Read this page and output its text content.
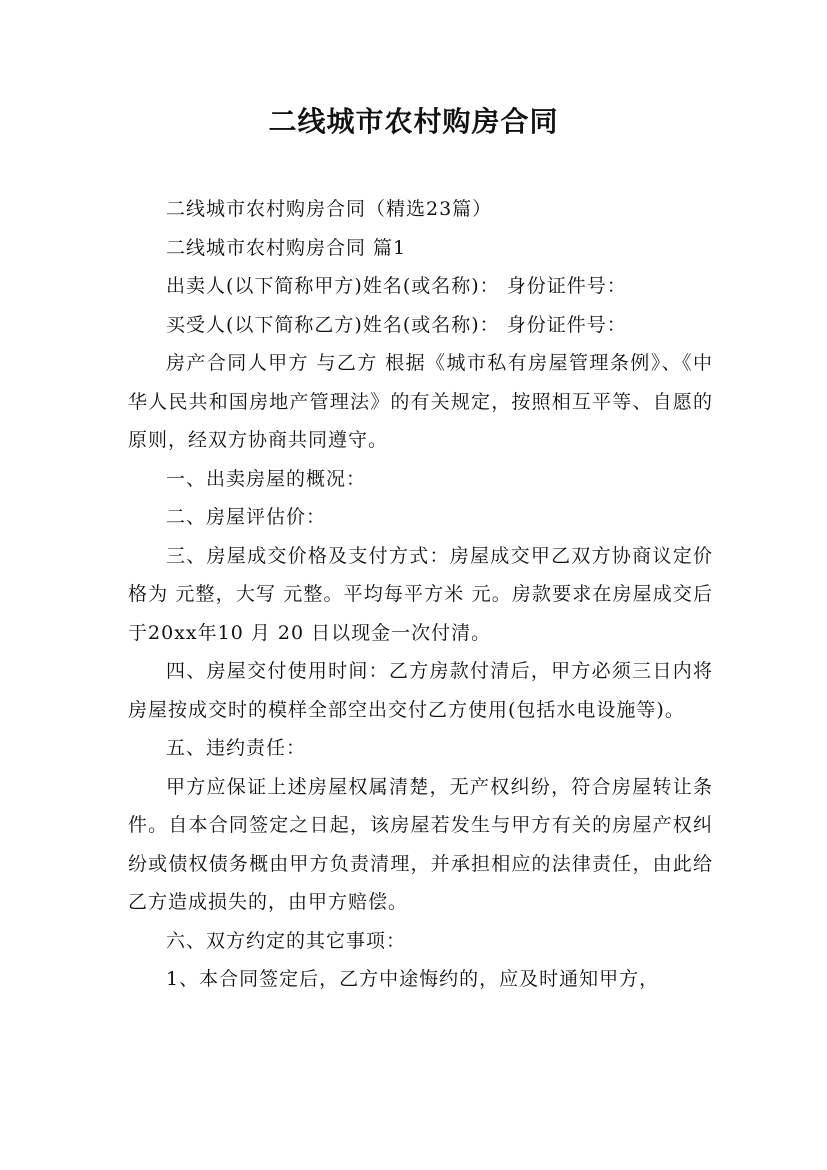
二线城市农村购房合同

二线城市农村购房合同（精选23篇）

二线城市农村购房合同 篇1

出卖人(以下简称甲方)姓名(或名称)： 身份证件号：

买受人(以下简称乙方)姓名(或名称)： 身份证件号：

房产合同人甲方 与乙方 根据《城市私有房屋管理条例》、《中华人民共和国房地产管理法》的有关规定，按照相互平等、自愿的原则，经双方协商共同遵守。

一、出卖房屋的概况：

二、房屋评估价：

三、房屋成交价格及支付方式：房屋成交甲乙双方协商议定价格为 元整，大写 元整。平均每平方米 元。房款要求在房屋成交后于20xx年10 月 20 日以现金一次付清。

四、房屋交付使用时间：乙方房款付清后，甲方必须三日内将房屋按成交时的模样全部空出交付乙方使用(包括水电设施等)。

五、违约责任：

甲方应保证上述房屋权属清楚，无产权纠纷，符合房屋转让条件。自本合同签定之日起，该房屋若发生与甲方有关的房屋产权纠纷或债权债务概由甲方负责清理，并承担相应的法律责任，由此给乙方造成损失的，由甲方赔偿。

六、双方约定的其它事项：

1、本合同签定后，乙方中途悔约的，应及时通知甲方，
